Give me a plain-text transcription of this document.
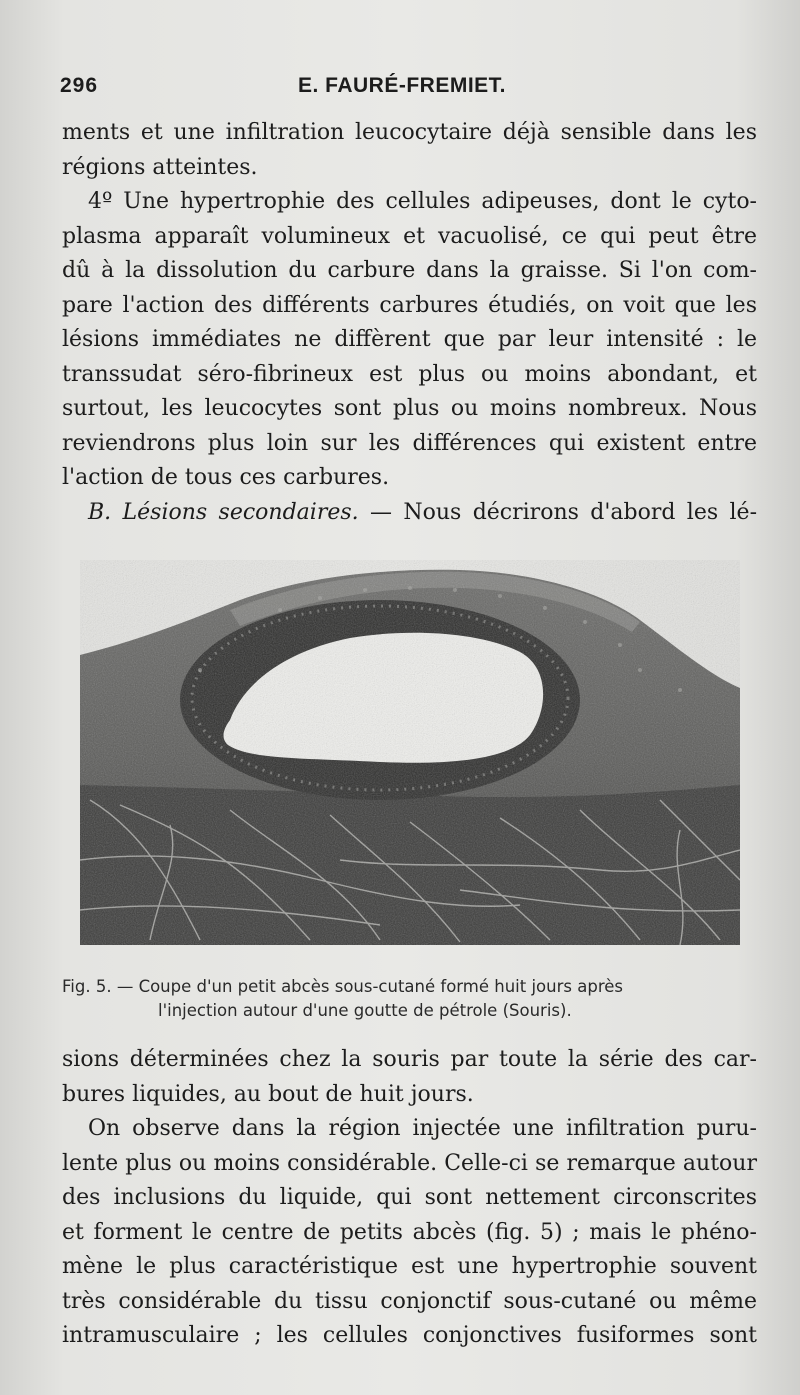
296	E. FAURÉ-FREMIET.
ments et une infiltration leucocytaire déjà sensible dans les
régions atteintes.
4º Une hypertrophie des cellules adipeuses, dont le cyto-
plasma apparaît volumineux et vacuolisé, ce qui peut être
dû à la dissolution du carbure dans la graisse. Si l'on com-
pare l'action des différents carbures étudiés, on voit que les
lésions immédiates ne diffèrent que par leur intensité : le
transsudat séro-fibrineux est plus ou moins abondant, et
surtout, les leucocytes sont plus ou moins nombreux. Nous
reviendrons plus loin sur les différences qui existent entre
l'action de tous ces carbures.
B. Lésions secondaires. — Nous décrirons d'abord les lé-
Fig. 5. — Coupe d'un petit abcès sous-cutané formé huit jours après
l'injection autour d'une goutte de pétrole (Souris).
sions déterminées chez la souris par toute la série des car-
bures liquides, au bout de huit jours.
On observe dans la région injectée une infiltration puru-
lente plus ou moins considérable. Celle-ci se remarque autour
des inclusions du liquide, qui sont nettement circonscrites
et forment le centre de petits abcès (fig. 5) ; mais le phéno-
mène le plus caractéristique est une hypertrophie souvent
très considérable du tissu conjonctif sous-cutané ou même
intramusculaire ; les cellules conjonctives fusiformes sont
